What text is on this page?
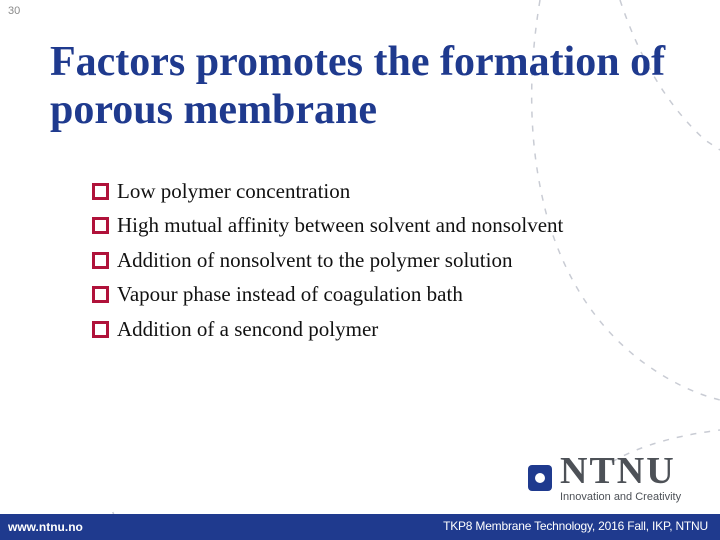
30
Factors promotes the formation of porous membrane
Low polymer concentration
High mutual affinity between solvent and nonsolvent
Addition of nonsolvent to the polymer solution
Vapour phase instead of coagulation bath
Addition of a sencond polymer
NTNU
Innovation and Creativity
www.ntnu.no	TKP8 Membrane Technology, 2016 Fall, IKP, NTNU
